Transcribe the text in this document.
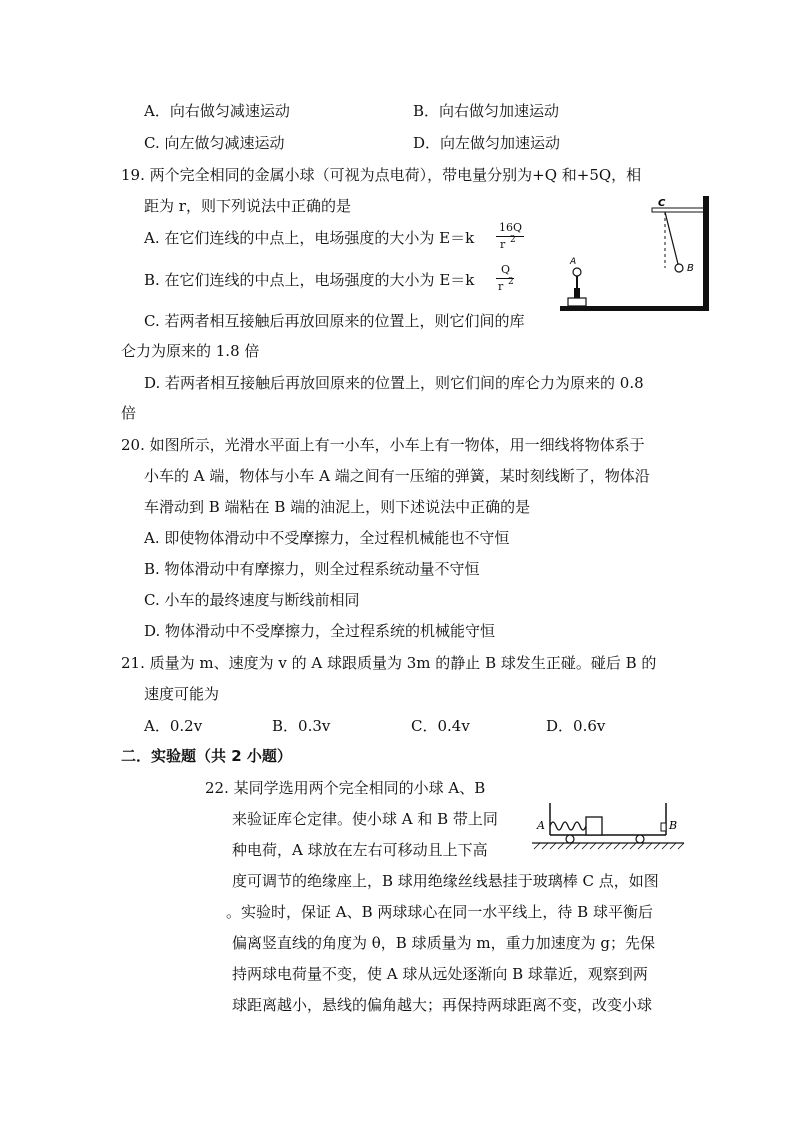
A．向右做匀减速运动	B．向右做匀加速运动
C. 向左做匀减速运动	D．向左做匀加速运动
19. 两个完全相同的金属小球（可视为点电荷），带电量分别为+Q 和+5Q，相
距为 r，则下列说法中正确的是
A. 在它们连线的中点上，电场强度的大小为 E＝k
16Q
r 2
B. 在它们连线的中点上，电场强度的大小为 E＝k
Q
r 2
C. 若两者相互接触后再放回原来的位置上，则它们间的库
仑力为原来的 1.8 倍
D. 若两者相互接触后再放回原来的位置上，则它们间的库仑力为原来的 0.8
倍
C
B
A
20. 如图所示，光滑水平面上有一小车，小车上有一物体，用一细线将物体系于
小车的 A 端，物体与小车 A 端之间有一压缩的弹簧，某时刻线断了，物体沿
车滑动到 B 端粘在 B 端的油泥上，则下述说法中正确的是
A. 即使物体滑动中不受摩擦力，全过程机械能也不守恒
B. 物体滑动中有摩擦力，则全过程系统动量不守恒
C. 小车的最终速度与断线前相同
D. 物体滑动中不受摩擦力，全过程系统的机械能守恒
21. 质量为 m、速度为 v 的 A 球跟质量为 3m 的静止 B 球发生正碰。碰后 B 的
速度可能为
A．0.2v	B．0.3v	C．0.4v	D．0.6v
二．实验题（共 2 小题）
22. 某同学选用两个完全相同的小球 A、B
来验证库仑定律。使小球 A 和 B 带上同
种电荷，A 球放在左右可移动且上下高
度可调节的绝缘座上，B 球用绝缘丝线悬挂于玻璃棒 C 点，如图
。实验时，保证 A、B 两球球心在同一水平线上，待 B 球平衡后
偏离竖直线的角度为 θ，B 球质量为 m，重力加速度为 g；先保
持两球电荷量不变，使 A 球从远处逐渐向 B 球靠近，观察到两
球距离越小，悬线的偏角越大；再保持两球距离不变，改变小球
A	B
